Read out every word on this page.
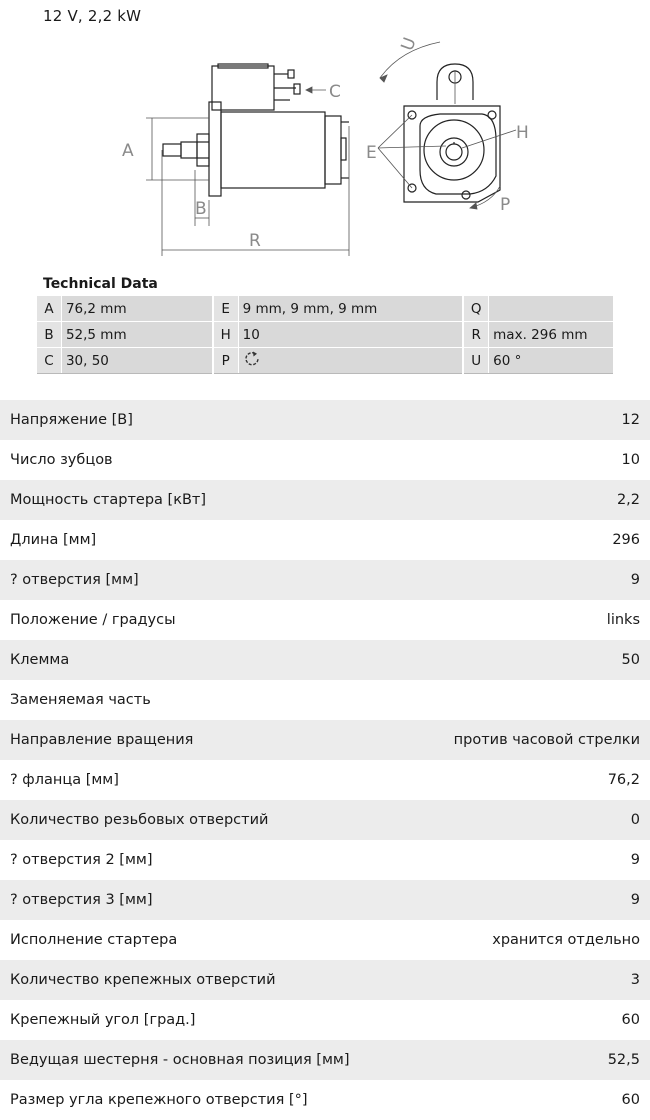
12 V, 2,2 kW
A
B
C
R
U
E
H
P
Technical Data
A	76,2 mm	E	9 mm, 9 mm, 9 mm	Q	
B	52,5 mm	H	10	R	max. 296 mm
C	30, 50	P		U	60 °
Напряжение [В]	12
Число зубцов	10
Мощность стартера [кВт]	2,2
Длина [мм]	296
? отверстия [мм]	9
Положение / градусы	links
Клемма	50
Заменяемая часть
Направление вращения	против часовой стрелки
? фланца [мм]	76,2
Количество резьбовых отверстий	0
? отверстия 2 [мм]	9
? отверстия 3 [мм]	9
Исполнение стартера	хранится отдельно
Количество крепежных отверстий	3
Крепежный угол [град.]	60
Ведущая шестерня - основная позиция [мм]	52,5
Размер угла крепежного отверстия [°]	60
